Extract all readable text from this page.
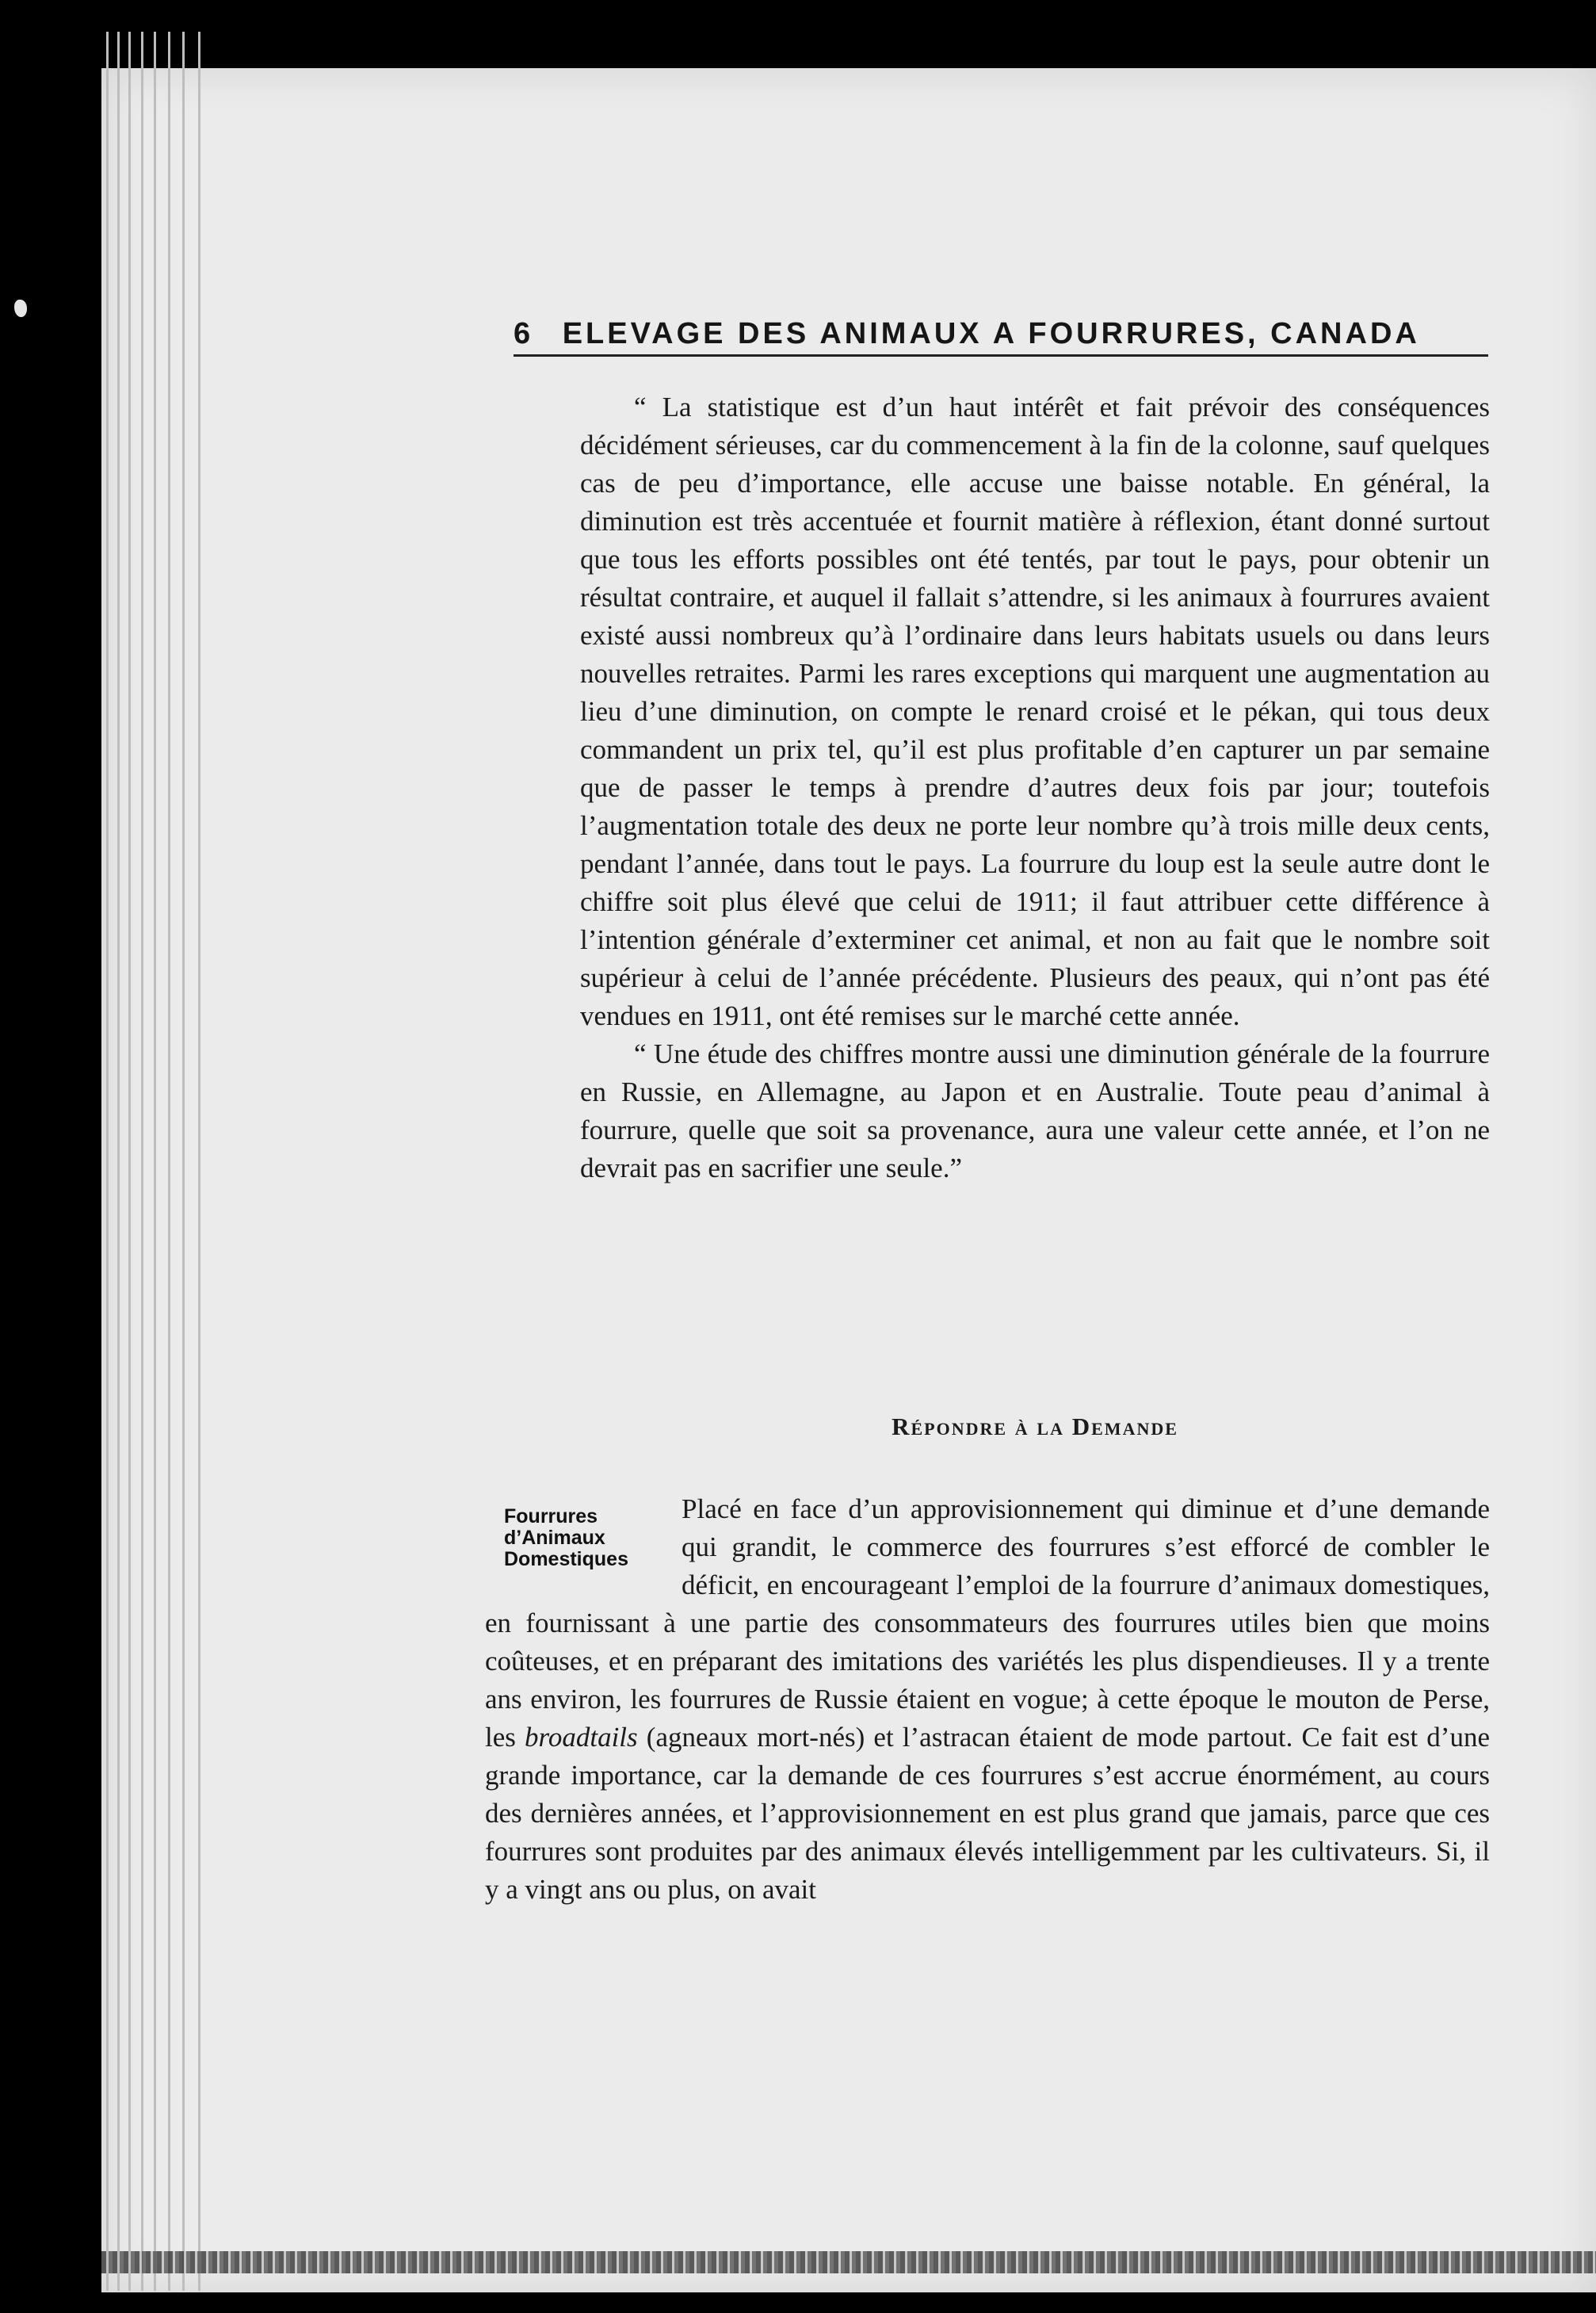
6 ELEVAGE DES ANIMAUX A FOURRURES, CANADA

“ La statistique est d’un haut intérêt et fait prévoir des conséquences décidément sérieuses, car du commencement à la fin de la colonne, sauf quelques cas de peu d’importance, elle accuse une baisse notable. En général, la diminution est très accentuée et fournit matière à réflexion, étant donné surtout que tous les efforts possibles ont été tentés, par tout le pays, pour obtenir un résultat contraire, et auquel il fallait s’attendre, si les animaux à fourrures avaient existé aussi nombreux qu’à l’ordinaire dans leurs habitats usuels ou dans leurs nouvelles retraites. Parmi les rares exceptions qui marquent une augmentation au lieu d’une diminution, on compte le renard croisé et le pékan, qui tous deux commandent un prix tel, qu’il est plus profitable d’en capturer un par semaine que de passer le temps à prendre d’autres deux fois par jour; toutefois l’augmentation totale des deux ne porte leur nombre qu’à trois mille deux cents, pendant l’année, dans tout le pays. La fourrure du loup est la seule autre dont le chiffre soit plus élevé que celui de 1911; il faut attribuer cette différence à l’intention générale d’exterminer cet animal, et non au fait que le nombre soit supérieur à celui de l’année précédente. Plusieurs des peaux, qui n’ont pas été vendues en 1911, ont été remises sur le marché cette année.

“ Une étude des chiffres montre aussi une diminution générale de la fourrure en Russie, en Allemagne, au Japon et en Australie. Toute peau d’animal à fourrure, quelle que soit sa provenance, aura une valeur cette année, et l’on ne devrait pas en sacrifier une seule.”

Répondre à la Demande
Fourrures
d’Animaux
Domestiques

Placé en face d’un approvisionnement qui diminue et d’une demande qui grandit, le commerce des fourrures s’est efforcé de combler le déficit, en encourageant l’emploi de la fourrure d’animaux domestiques, en fournissant à une partie des consommateurs des fourrures utiles bien que moins coûteuses, et en préparant des imitations des variétés les plus dispendieuses. Il y a trente ans environ, les fourrures de Russie étaient en vogue; à cette époque le mouton de Perse, les broadtails (agneaux mort-nés) et l’astracan étaient de mode partout. Ce fait est d’une grande importance, car la demande de ces fourrures s’est accrue énormément, au cours des dernières années, et l’approvisionnement en est plus grand que jamais, parce que ces fourrures sont produites par des animaux élevés intelligemment par les cultivateurs. Si, il y a vingt ans ou plus, on avait
